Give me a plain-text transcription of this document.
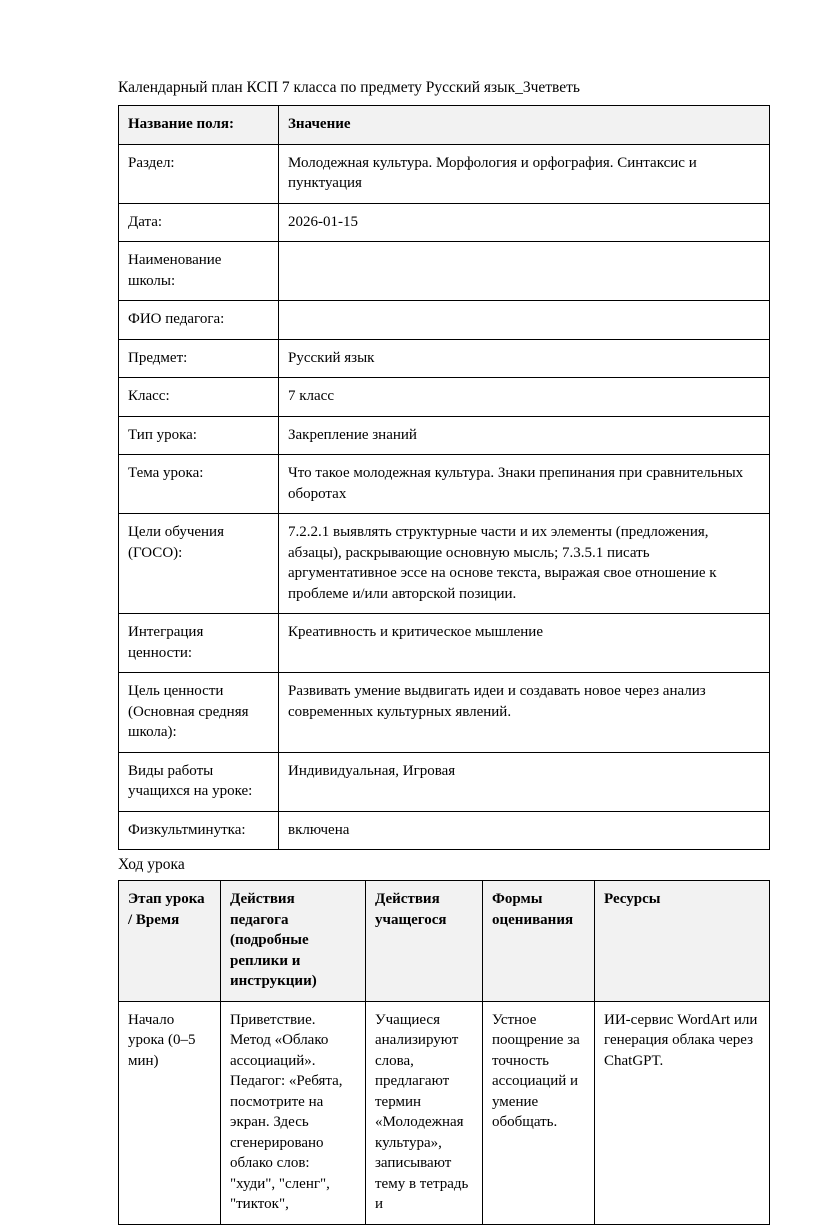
Календарный план КСП 7 класса по предмету Русский язык_3четветь
Название поля:	Значение
Раздел:	Молодежная культура. Морфология и орфография. Синтаксис и пунктуация
Дата:	2026-01-15
Наименование школы:	
ФИО педагога:	
Предмет:	Русский язык
Класс:	7 класс
Тип урока:	Закрепление знаний
Тема урока:	Что такое молодежная культура. Знаки препинания при сравнительных оборотах
Цели обучения (ГОСО):	7.2.2.1 выявлять структурные части и их элементы (предложения, абзацы), раскрывающие основную мысль; 7.3.5.1 писать аргументативное эссе на основе текста, выражая свое отношение к проблеме и/или авторской позиции.
Интеграция ценности:	Креативность и критическое мышление
Цель ценности (Основная средняя школа):	Развивать умение выдвигать идеи и создавать новое через анализ современных культурных явлений.
Виды работы учащихся на уроке:	Индивидуальная, Игровая
Физкультминутка:	включена
Ход урока
Этап урока / Время	Действия педагога (подробные реплики и инструкции)	Действия учащегося	Формы оценивания	Ресурсы
Начало урока (0–5 мин)	Приветствие. Метод «Облако ассоциаций». Педагог: «Ребята, посмотрите на экран. Здесь сгенерировано облако слов: "худи", "сленг", "тикток",	Учащиеся анализируют слова, предлагают термин «Молодежная культура», записывают тему в тетрадь и	Устное поощрение за точность ассоциаций и умение обобщать.	ИИ-сервис WordArt или генерация облака через ChatGPT.
